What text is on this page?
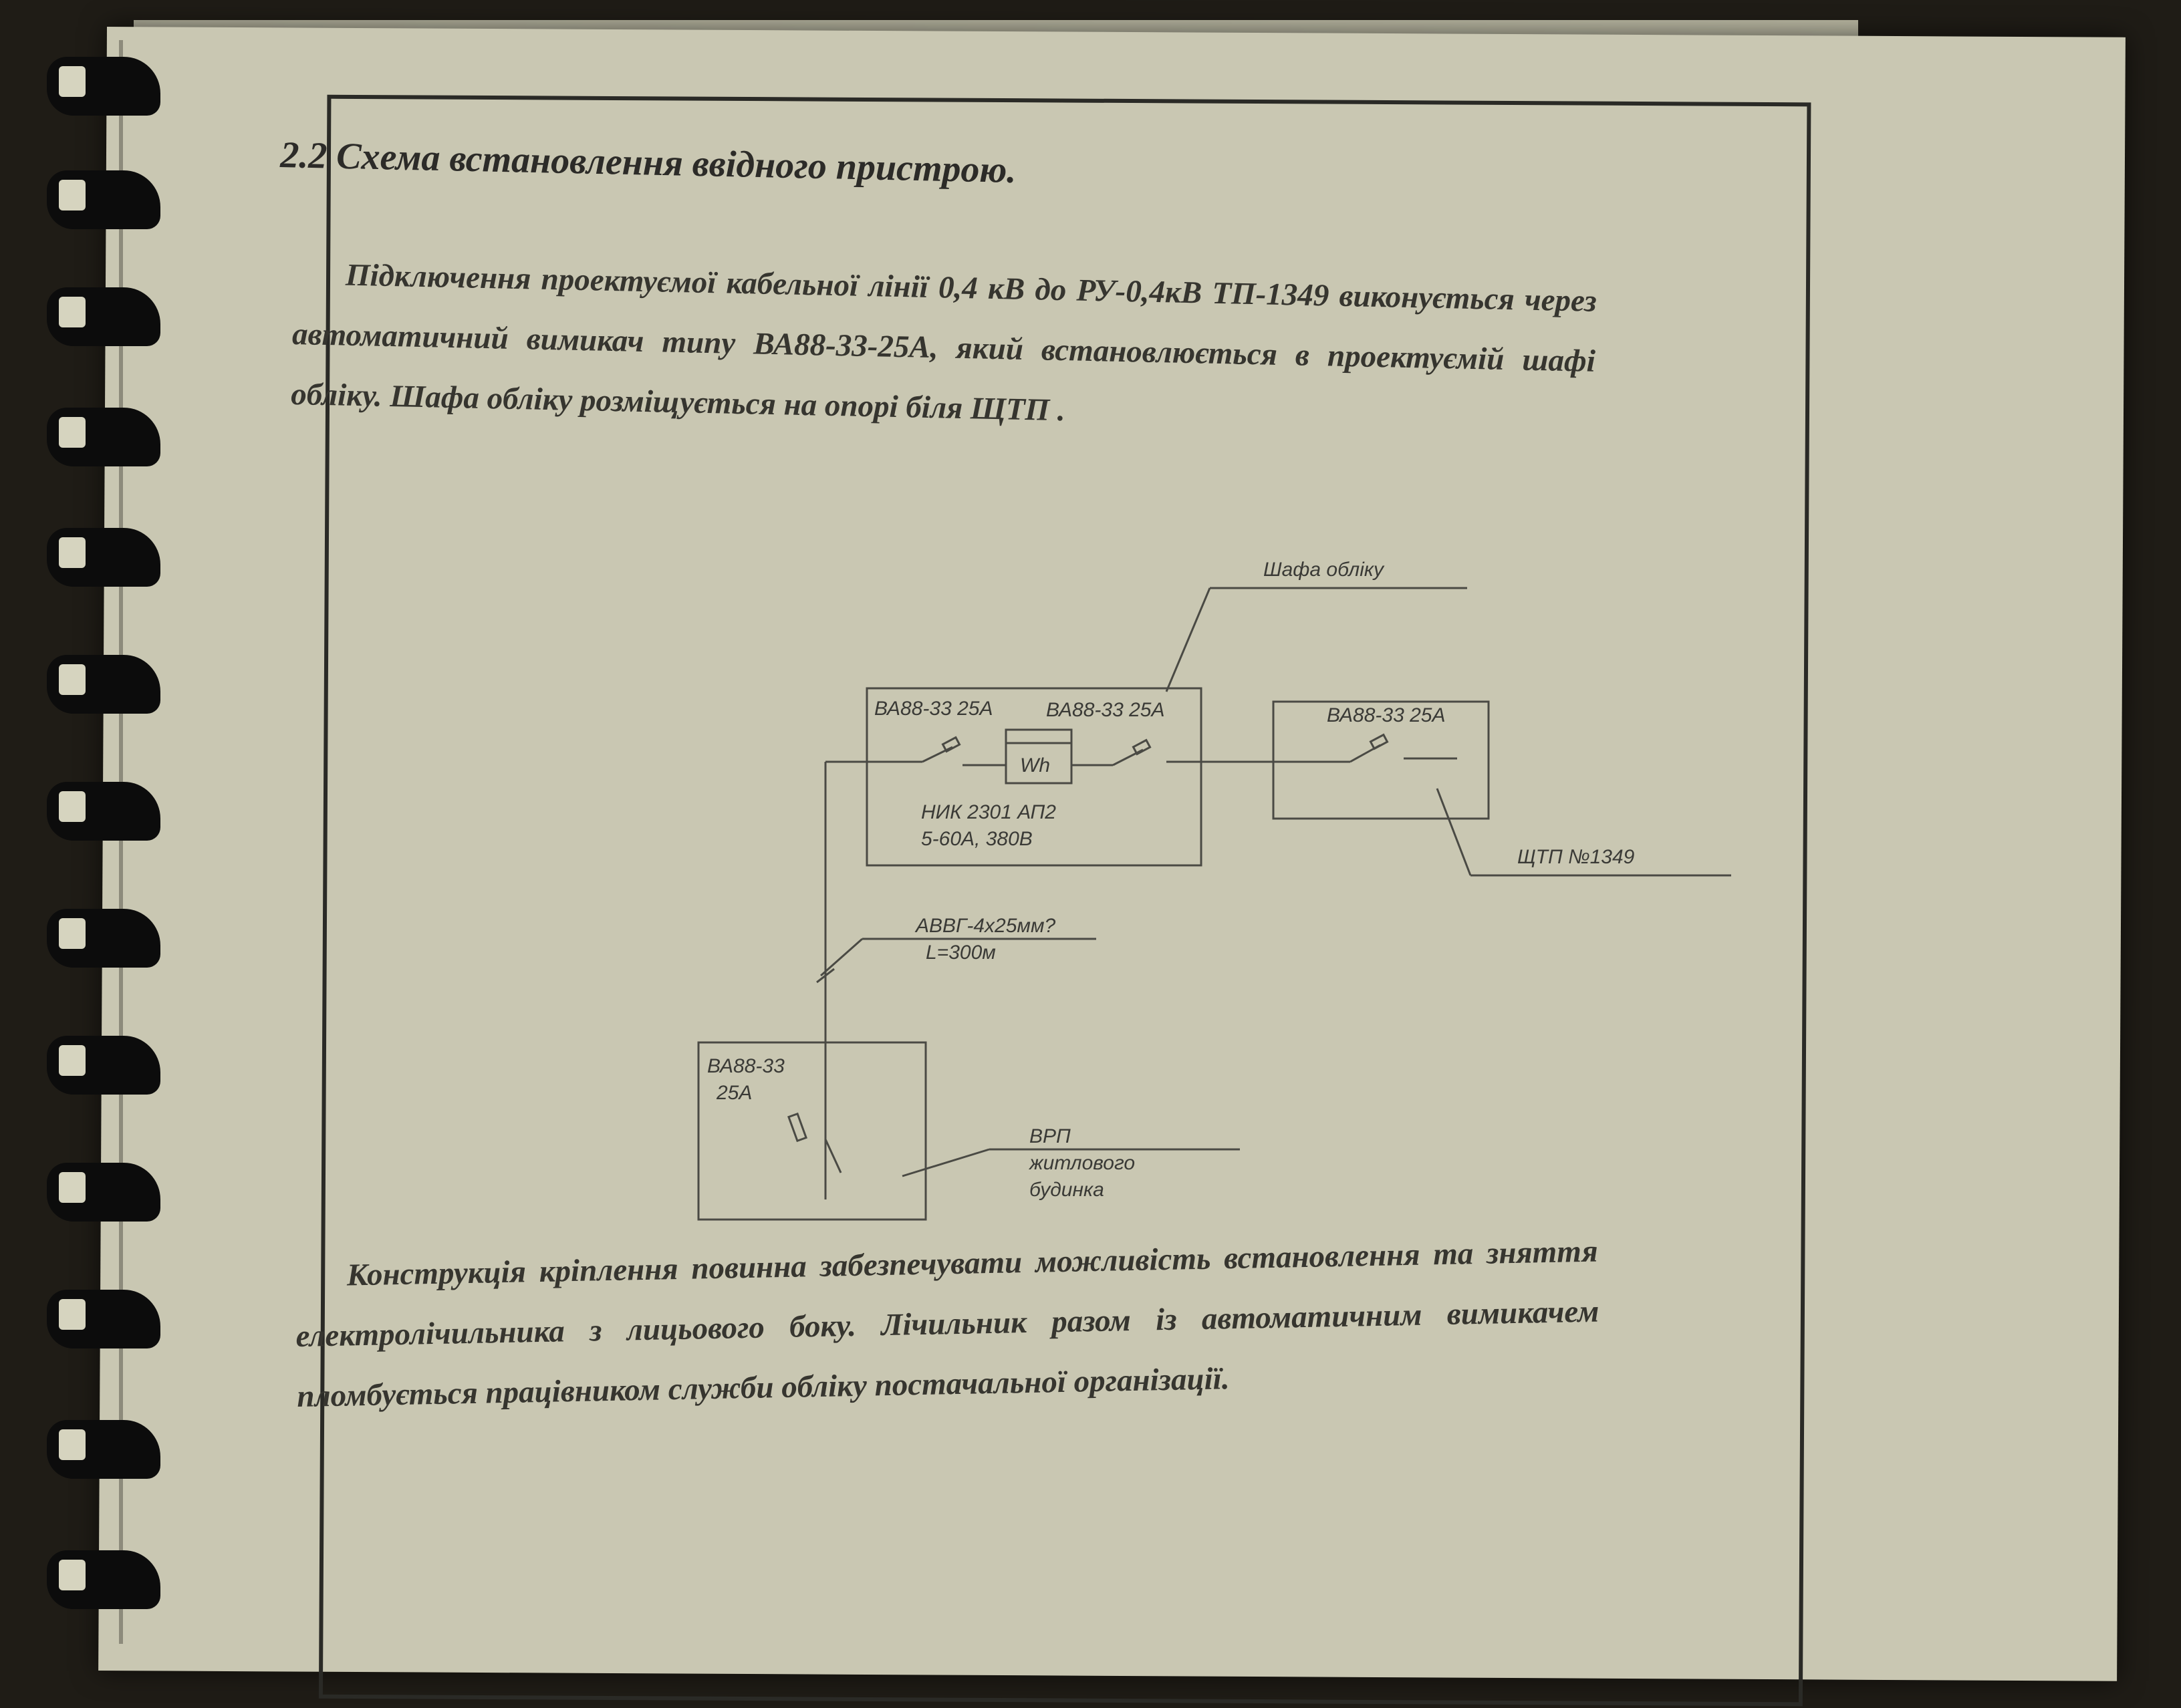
2.2 Схема встановлення ввідного пристрою.
Підключення проектуємої кабельної лінії 0,4 кВ до РУ-0,4кВ ТП-1349 виконується через автоматичний вимикач типу ВА88-33-25А, який встановлюється в проектуємій шафі обліку. Шафа обліку розміщується на опорі біля ЩТП .
Шафа обліку
ВА88-33 25А	ВА88-33 25А
Wh
НИК 2301 АП2
5-60А, 380В
ВА88-33 25А
ЩТП №1349
АВВГ-4х25мм?
L=300м
ВА88-33
25А
ВРП
житлового
будинка
Конструкція кріплення повинна забезпечувати можливість встановлення та зняття електролічильника з лицьового боку. Лічильник разом із автоматичним вимикачем пломбується працівником служби обліку постачальної організації.
